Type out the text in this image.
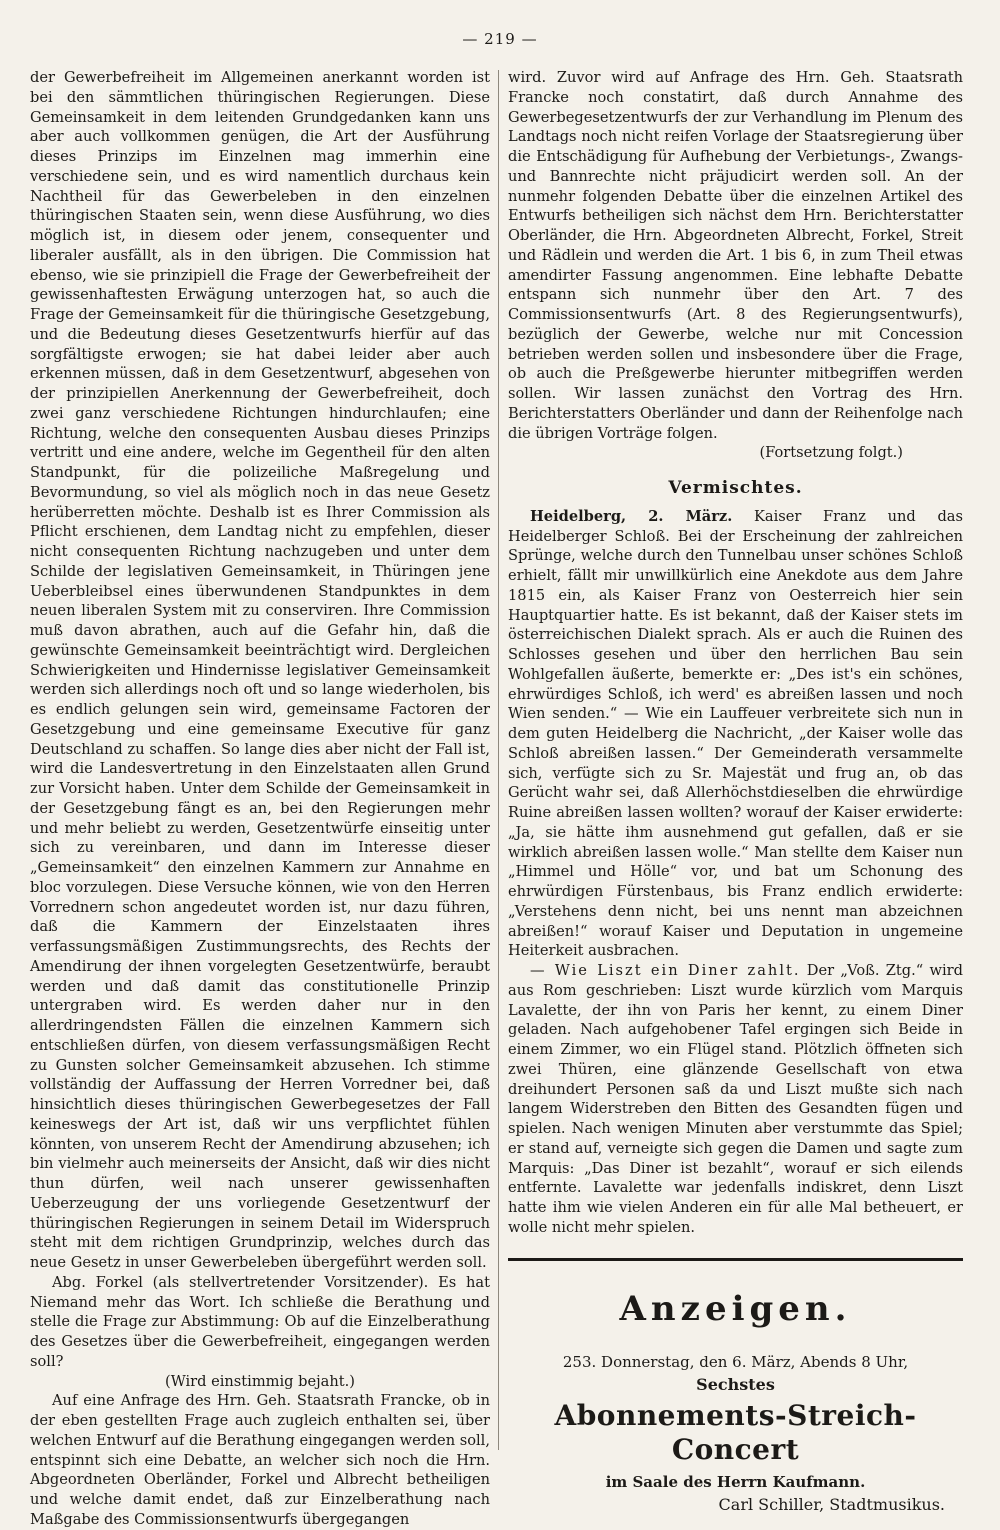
— 219 —

der Gewerbefreiheit im Allgemeinen anerkannt worden ist bei den sämmtlichen thüringischen Regierungen. Diese Gemeinsamkeit in dem leitenden Grundgedanken kann uns aber auch vollkommen genügen, die Art der Ausführung dieses Prinzips im Einzelnen mag immerhin eine verschiedene sein, und es wird namentlich durchaus kein Nachtheil für das Gewerbeleben in den einzelnen thüringischen Staaten sein, wenn diese Ausführung, wo dies möglich ist, in diesem oder jenem, consequenter und liberaler ausfällt, als in den übrigen. Die Commission hat ebenso, wie sie prinzipiell die Frage der Gewerbefreiheit der gewissenhaftesten Erwägung unterzogen hat, so auch die Frage der Gemeinsamkeit für die thüringische Gesetzgebung, und die Bedeutung dieses Gesetzentwurfs hierfür auf das sorgfältigste erwogen; sie hat dabei leider aber auch erkennen müssen, daß in dem Gesetzentwurf, abgesehen von der prinzipiellen Anerkennung der Gewerbefreiheit, doch zwei ganz verschiedene Richtungen hindurchlaufen; eine Richtung, welche den consequenten Ausbau dieses Prinzips vertritt und eine andere, welche im Gegentheil für den alten Standpunkt, für die polizeiliche Maßregelung und Bevormundung, so viel als möglich noch in das neue Gesetz herüberretten möchte. Deshalb ist es Ihrer Commission als Pflicht erschienen, dem Landtag nicht zu empfehlen, dieser nicht consequenten Richtung nachzugeben und unter dem Schilde der legislativen Gemeinsamkeit, in Thüringen jene Ueberbleibsel eines überwundenen Standpunktes in dem neuen liberalen System mit zu conserviren. Ihre Commission muß davon abrathen, auch auf die Gefahr hin, daß die gewünschte Gemeinsamkeit beeinträchtigt wird. Dergleichen Schwierigkeiten und Hindernisse legislativer Gemeinsamkeit werden sich allerdings noch oft und so lange wiederholen, bis es endlich gelungen sein wird, gemeinsame Factoren der Gesetzgebung und eine gemeinsame Executive für ganz Deutschland zu schaffen. So lange dies aber nicht der Fall ist, wird die Landesvertretung in den Einzelstaaten allen Grund zur Vorsicht haben. Unter dem Schilde der Gemeinsamkeit in der Gesetzgebung fängt es an, bei den Regierungen mehr und mehr beliebt zu werden, Gesetzentwürfe einseitig unter sich zu vereinbaren, und dann im Interesse dieser „Gemeinsamkeit“ den einzelnen Kammern zur Annahme en bloc vorzulegen. Diese Versuche können, wie von den Herren Vorrednern schon angedeutet worden ist, nur dazu führen, daß die Kammern der Einzelstaaten ihres verfassungsmäßigen Zustimmungsrechts, des Rechts der Amendirung der ihnen vorgelegten Gesetzentwürfe, beraubt werden und daß damit das constitutionelle Prinzip untergraben wird. Es werden daher nur in den allerdringendsten Fällen die einzelnen Kammern sich entschließen dürfen, von diesem verfassungsmäßigen Recht zu Gunsten solcher Gemeinsamkeit abzusehen. Ich stimme vollständig der Auffassung der Herren Vorredner bei, daß hinsichtlich dieses thüringischen Gewerbegesetzes der Fall keineswegs der Art ist, daß wir uns verpflichtet fühlen könnten, von unserem Recht der Amendirung abzusehen; ich bin vielmehr auch meinerseits der Ansicht, daß wir dies nicht thun dürfen, weil nach unserer gewissenhaften Ueberzeugung der uns vorliegende Gesetzentwurf der thüringischen Regierungen in seinem Detail im Widerspruch steht mit dem richtigen Grundprinzip, welches durch das neue Gesetz in unser Gewerbeleben übergeführt werden soll.

Abg. Forkel (als stellvertretender Vorsitzender). Es hat Niemand mehr das Wort. Ich schließe die Berathung und stelle die Frage zur Abstimmung: Ob auf die Einzelberathung des Gesetzes über die Gewerbefreiheit, eingegangen werden soll?

(Wird einstimmig bejaht.)

Auf eine Anfrage des Hrn. Geh. Staatsrath Francke, ob in der eben gestellten Frage auch zugleich enthalten sei, über welchen Entwurf auf die Berathung eingegangen werden soll, entspinnt sich eine Debatte, an welcher sich noch die Hrn. Abgeordneten Oberländer, Forkel und Albrecht betheiligen und welche damit endet, daß zur Einzelberathung nach Maßgabe des Commissionsentwurfs übergegangen

wird. Zuvor wird auf Anfrage des Hrn. Geh. Staatsrath Francke noch constatirt, daß durch Annahme des Gewerbegesetzentwurfs der zur Verhandlung im Plenum des Landtags noch nicht reifen Vorlage der Staatsregierung über die Entschädigung für Aufhebung der Verbietungs-, Zwangs- und Bannrechte nicht präjudicirt werden soll. An der nunmehr folgenden Debatte über die einzelnen Artikel des Entwurfs betheiligen sich nächst dem Hrn. Berichterstatter Oberländer, die Hrn. Abgeordneten Albrecht, Forkel, Streit und Rädlein und werden die Art. 1 bis 6, in zum Theil etwas amendirter Fassung angenommen. Eine lebhafte Debatte entspann sich nunmehr über den Art. 7 des Commissionsentwurfs (Art. 8 des Regierungsentwurfs), bezüglich der Gewerbe, welche nur mit Concession betrieben werden sollen und insbesondere über die Frage, ob auch die Preßgewerbe hierunter mitbegriffen werden sollen. Wir lassen zunächst den Vortrag des Hrn. Berichterstatters Oberländer und dann der Reihenfolge nach die übrigen Vorträge folgen.

(Fortsetzung folgt.)

Vermischtes.

Heidelberg, 2. März. Kaiser Franz und das Heidelberger Schloß. Bei der Erscheinung der zahlreichen Sprünge, welche durch den Tunnelbau unser schönes Schloß erhielt, fällt mir unwillkürlich eine Anekdote aus dem Jahre 1815 ein, als Kaiser Franz von Oesterreich hier sein Hauptquartier hatte. Es ist bekannt, daß der Kaiser stets im österreichischen Dialekt sprach. Als er auch die Ruinen des Schlosses gesehen und über den herrlichen Bau sein Wohlgefallen äußerte, bemerkte er: „Des ist's ein schönes, ehrwürdiges Schloß, ich werd' es abreißen lassen und noch Wien senden.“ — Wie ein Lauffeuer verbreitete sich nun in dem guten Heidelberg die Nachricht, „der Kaiser wolle das Schloß abreißen lassen.“ Der Gemeinderath versammelte sich, verfügte sich zu Sr. Majestät und frug an, ob das Gerücht wahr sei, daß Allerhöchstdieselben die ehrwürdige Ruine abreißen lassen wollten? worauf der Kaiser erwiderte: „Ja, sie hätte ihm ausnehmend gut gefallen, daß er sie wirklich abreißen lassen wolle.“ Man stellte dem Kaiser nun „Himmel und Hölle“ vor, und bat um Schonung des ehrwürdigen Fürstenbaus, bis Franz endlich erwiderte: „Verstehens denn nicht, bei uns nennt man abzeichnen abreißen!“ worauf Kaiser und Deputation in ungemeine Heiterkeit ausbrachen.

— Wie Liszt ein Diner zahlt. Der „Voß. Ztg.“ wird aus Rom geschrieben: Liszt wurde kürzlich vom Marquis Lavalette, der ihn von Paris her kennt, zu einem Diner geladen. Nach aufgehobener Tafel ergingen sich Beide in einem Zimmer, wo ein Flügel stand. Plötzlich öffneten sich zwei Thüren, eine glänzende Gesellschaft von etwa dreihundert Personen saß da und Liszt mußte sich nach langem Widerstreben den Bitten des Gesandten fügen und spielen. Nach wenigen Minuten aber verstummte das Spiel; er stand auf, verneigte sich gegen die Damen und sagte zum Marquis: „Das Diner ist bezahlt“, worauf er sich eilends entfernte. Lavalette war jedenfalls indiskret, denn Liszt hatte ihm wie vielen Anderen ein für alle Mal betheuert, er wolle nicht mehr spielen.

Anzeigen.
253. Donnerstag, den 6. März, Abends 8 Uhr,
Sechstes
Abonnements-Streich-Concert
im Saale des Herrn Kaufmann.
Carl Schiller, Stadtmusikus.
